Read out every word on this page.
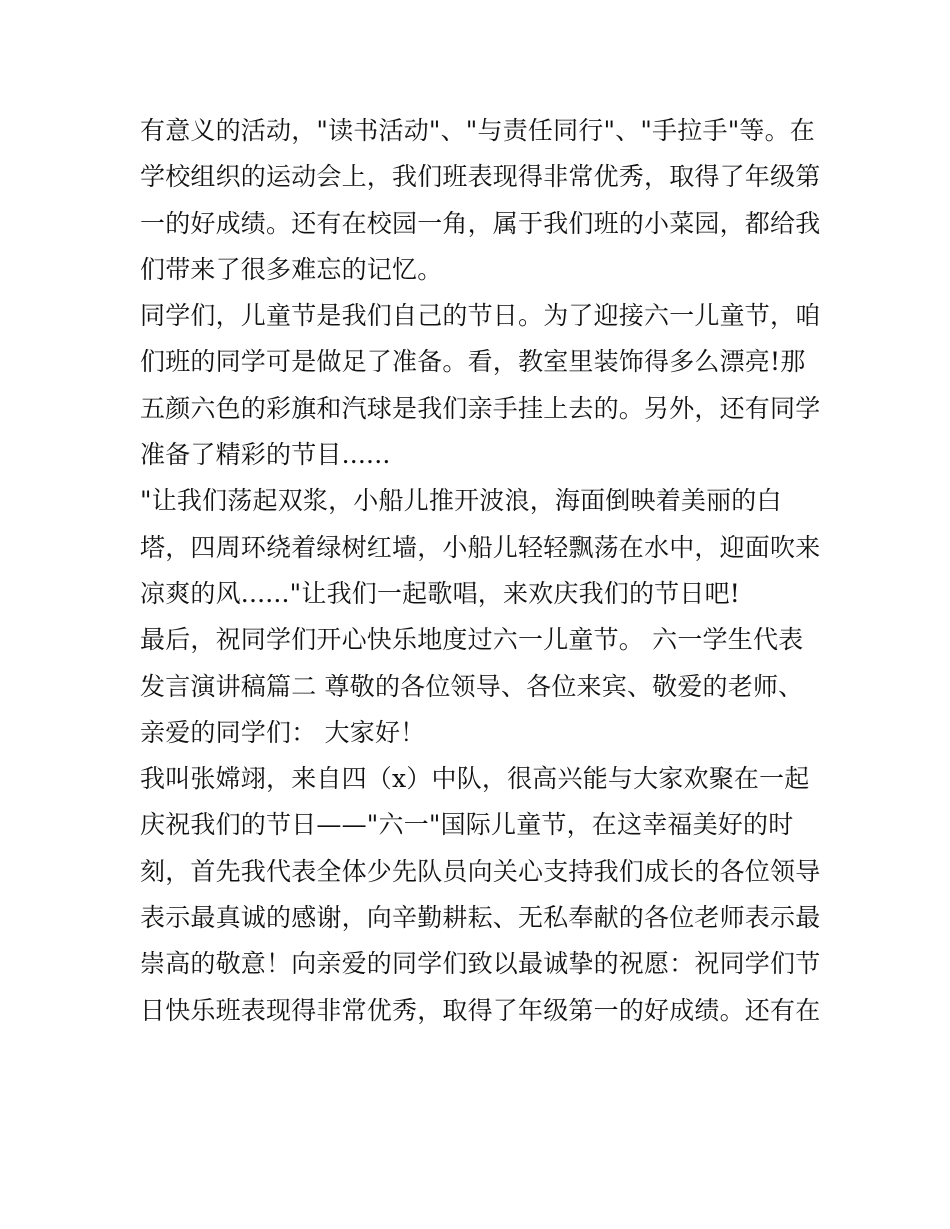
有意义的活动，"读书活动"、"与责任同行"、"手拉手"等。在
学校组织的运动会上，我们班表现得非常优秀，取得了年级第
一的好成绩。还有在校园一角，属于我们班的小菜园，都给我
们带来了很多难忘的记忆。
同学们，儿童节是我们自己的节日。为了迎接六一儿童节，咱
们班的同学可是做足了准备。看，教室里装饰得多么漂亮!那
五颜六色的彩旗和汽球是我们亲手挂上去的。另外，还有同学
准备了精彩的节目......
"让我们荡起双浆，小船儿推开波浪，海面倒映着美丽的白
塔，四周环绕着绿树红墙，小船儿轻轻飘荡在水中，迎面吹来
凉爽的风......"让我们一起歌唱，来欢庆我们的节日吧!
最后，祝同学们开心快乐地度过六一儿童节。 六一学生代表
发言演讲稿篇二 尊敬的各位领导、各位来宾、敬爱的老师、
亲爱的同学们： 大家好！
我叫张嫦翊，来自四（x）中队，很高兴能与大家欢聚在一起
庆祝我们的节日——"六一"国际儿童节，在这幸福美好的时
刻，首先我代表全体少先队员向关心支持我们成长的各位领导
表示最真诚的感谢，向辛勤耕耘、无私奉献的各位老师表示最
崇高的敬意！向亲爱的同学们致以最诚挚的祝愿：祝同学们节
日快乐班表现得非常优秀，取得了年级第一的好成绩。还有在
